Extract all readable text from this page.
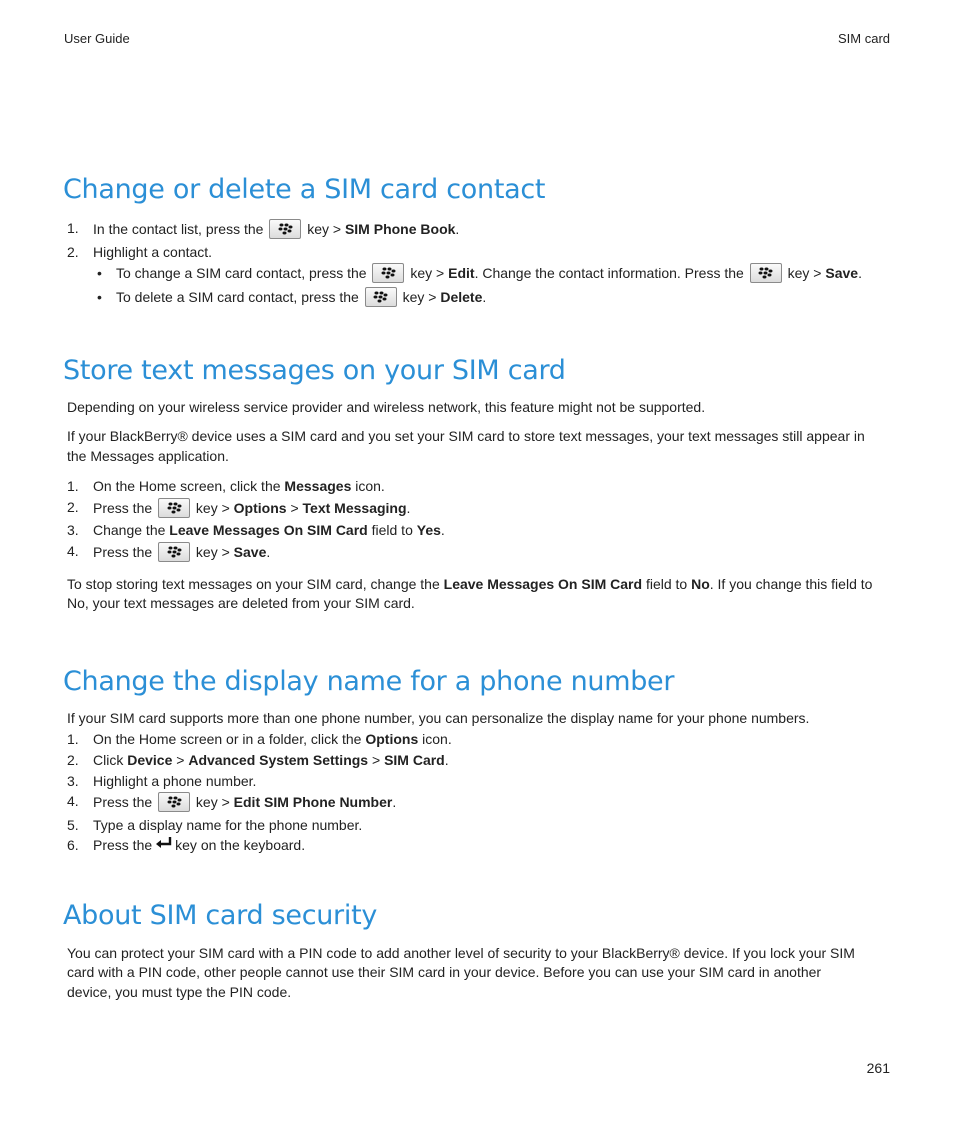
User Guide	SIM card
Change or delete a SIM card contact
1. In the contact list, press the	key > SIM Phone Book.
2. Highlight a contact.
• To change a SIM card contact, press the	key > Edit. Change the contact information. Press the	key > Save.
• To delete a SIM card contact, press the	key > Delete.
Store text messages on your SIM card
Depending on your wireless service provider and wireless network, this feature might not be supported.
If your BlackBerry® device uses a SIM card and you set your SIM card to store text messages, your text messages still appear in
the Messages application.
1. On the Home screen, click the Messages icon.
2. Press the	key > Options > Text Messaging.
3. Change the Leave Messages On SIM Card field to Yes.
4. Press the	key > Save.
To stop storing text messages on your SIM card, change the Leave Messages On SIM Card field to No. If you change this field to
No, your text messages are deleted from your SIM card.
Change the display name for a phone number
If your SIM card supports more than one phone number, you can personalize the display name for your phone numbers.
1. On the Home screen or in a folder, click the Options icon.
2. Click Device > Advanced System Settings > SIM Card.
3. Highlight a phone number.
4. Press the	key > Edit SIM Phone Number.
5. Type a display name for the phone number.
6. Press the key on the keyboard.
About SIM card security
You can protect your SIM card with a PIN code to add another level of security to your BlackBerry® device. If you lock your SIM
card with a PIN code, other people cannot use their SIM card in your device. Before you can use your SIM card in another
device, you must type the PIN code.
261
